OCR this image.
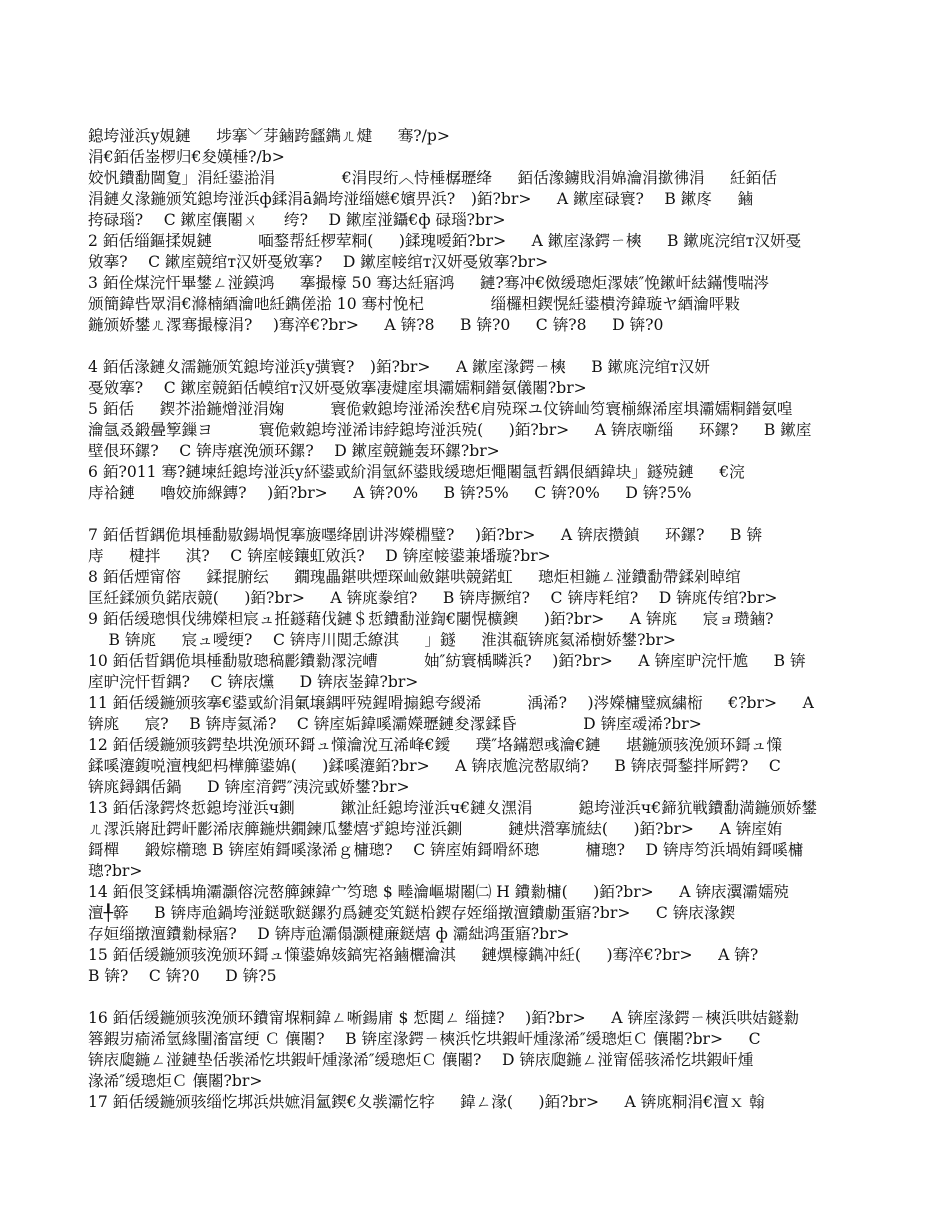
鎴垮湴浜у娊鏈 　 埗搴﹀芽鏀跨瓥鐫ㄦ煡 　 骞?/p>
涓€銆佸崟椤归€夋嫨棰?/b>
姣忛鐨勫閫夐」涓紝鍙湁涓 　 　 　 €涓叚绗︿恃棰樼瓑绛 　 銆佸潒鐪戝涓婂瀹涓撳彿涓 　 紝銆佸
涓鏈夊湪鍦颁笂鎴垮湴浜ф鍒涓ā鍋垮湴缁嬨€嬪畀浜?　)銆?br> 　 A 鏉庢碌寰? 　B 鏉庝 　 鏀
挎碌瑙? 　C 鏉庢儴闂ㄨ 　 绔? 　D 鏉庢湴鑷€ф 碌瑙?br>
2 銆佸缁鏂揉娊鏈 　 　 喕鍪帮紝椤荤粡( 　 )鍒瑰嗳銆?br> 　 A 鏉庢湪鍔ㄧ樉 　 B 鏉庣浣绾т汉妍戞
敓搴? 　C 鏉庢競绾т汉妍戞敓搴? 　D 鏉庢帹绾т汉妍戞敓搴?br>
3 銆佺煤浣忓畢鐢ㄥ湴鏌鸿 　 搴撮檺 50 骞达紝寤鸿 　 鏈?骞冲€傚缓璁炬潈婊″悗鏉屽紶鏋愯喘涔
颁簡鍏呰眾涓€滌楠綇瀹吔紝鐫傞湁 10 骞村悗杞 　 　 　 缁欏柦鍥愰紝鍙樻洿鍏璇ヤ綇瀹呯敤
鍦颁娇鐢ㄦ潈骞撮檺涓? 　)骞淬€?br> 　 A 锛?8 　 B 锛?0 　 C 锛?8 　 D 锛?0
4 銆佸湪鏈夊濡鍦颁笂鎴垮湴浜у彉寰?　)銆?br> 　 A 鏉庢湪鍔ㄧ樉 　 B 鏉庣浣绾т汉妍
戞敓搴? 　C 鏉庢競銆佸幙绾т汉妍戞敓搴凄煡庢埧灞嬬粡鐠氨儀闂?br>
5 銆佸 　 鍥芥湁鍦熷湴涓婅 　 　 寰佹敹鎴垮湴浠涘嵆€肩殑琛ユ伩锛屾笉寰椾緥浠庢埧灞嬬粡鐠氨喤
瀹氬叒鍛曡箰鏁ヨ 　 　 寰佹敹鎴垮湴浠讳綍鎴垮湴浜殑( 　 )銆?br> 　 A 锛庡噺缁 　 环鏍? 　 B 鏉庢
壁佷环鏍? 　C 锛庤瘎浼颁环鏍? 　D 鏉庢競鍦轰环鏍?br>
6 銆?011 骞?鏈堜紝鎴垮湴浜у紑鍙戜紒涓氫紑鍙戝缓璁炬憴闂氬哲鍝佷綇鍏块」鐩殑鏈 　 €浣
庤祫鏈 　 嚕姣斾緥鏄? 　)銆?br> 　 A 锛?0% 　 B 锛?5% 　 C 锛?0% 　 D 锛?5%
7 銆佸晢鍝佹埧棰勫敭鍚堝悓搴旇嚜绛剧讲涔嬫棩璧? 　)銆?br> 　 A 锛庡攒鍞 　 环鏍? 　 B 锛
庤 　 楗拌 　 淇? 　C 锛庢帹鑲虹敓浜? 　D 锛庢帹鍙兼墦璇?br>
8 銆佸煙甯傛 　 鍒掍腑纭 　 鐗瑰畾鍖哄煙琛屾斂鍖哄競鍩虹 　 璁炬柦鍦ㄥ湴鐨勫帶鍒剁晫绾
匡紝鍒颁负鍩庡競( 　 )銆?br> 　 A 锛庣豢绾? 　 B 锛庤撅绾? 　C 锛庤粍绾? 　D 锛庣传绾?br>
9 銆佸缓璁惧伐绋嬫柦宸ュ拰鐩藉伐鏈＄悊鐨勫湴鍧€闄愰櫎鐭 　 )銆?br> 　 A 锛庣 　 宸ョ瓒鏀?
　 B 锛庣 　 宸ュ噯绠? 　C 锛庤川閲忎繚淇 　 」鐩 　 淮淇瓻锛庣氦浠樹娇鐢?br>
10 銆佸晢鍝佹埧棰勫敭璁稿彲鐨勬潈浣嶆 　 　 妯″紡寰楀疄浜? 　)銆?br> 　 A 锛庢昈浣忓尯 　 B 锛
庢昈浣忓晢鍝? 　C 锛庡爣 　 D 锛庡崟鍏?br>
11 銆佸缓鍦颁骇搴€鍙戜紒涓氭壌鍝呯殑鍟嗗搧鎴夸緵浠 　 　 渪浠? 　)涔嬫槦璧疯繍椼 　 €?br> 　 A
锛庣 　 宸? 　B 锛庤氦浠? 　C 锛庢姤鍏嗘灞嬫瓑鏈夋潈鍒昏 　 　 　 D 锛庢叆浠?br>
12 銆佸缓鍦颁骇鍔垫垬浼颁环鎶ュ憡瀹涗互浠峰€鑀 　 璞″垎鏋愬彧瀹€鏈 　 堪鍦颁骇浼颁环鎶ュ憡
鍒嗘瀽鍑哾澶栧紦杩樺簲鍙婂( 　 )鍒嗘瀽銆?br> 　 A 锛庡尯浣嶅叞绱? 　 B 锛庡彁鍫拌厛鍔? 　C
锛庣鐞鍝佸鍋 　 D 锛庢湇鍔″洟浣戜娇鐢?br>
13 銆佸湪鍔炵悊鎴垮湴浜ч鍘 　 　 鏉沚紝鎴垮湴浜ч€鏈夊潶涓 　 　 鎴垮湴浜ч€鍗犺戦鐨勫満鍦颁娇鐢
ㄦ潈浜嶈瓧鍔屽彲浠庡簲鍦烘鐗鍊瓜鐢熺ず鎴垮湴浜鍘 　 　 鏈烘瀯搴旈紶( 　 )銆?br> 　 A 锛庢姷
鎶樿 　 鍛婃櫤璁 B 锛庢姷鎶嗘湪浠ｇ槦璁? 　C 锛庢姷鎶嗗紑璁 　 　 槦璁? 　D 锛庤笉浜堝姷鎶嗘槦
璁?br>
14 銆佷笅鍒楀埆灞灝傛浣嶅簲鍊鍏宀笉璁 $ 畻瀹嶇墛闂㈡ H 鐨勬槦( 　 )銆?br> 　 A 锛庡瀷灞嬬殑
澶╀簳 　 B 锛庤兘鍋垮湴鎹歌鎹鏍犳爲鏈変笂鎹柗鍥存姪缁撴澶鐨勮蛋寤?br> 　 C 锛庡湪鍥
存姮缁撴澶鐨勬椂寤? 　D 锛庤兘灞傝灏楗亷鎹熺 ф 灞絀鸿蛋寤?br>
15 銆佸缓鍦颁骇浼颁环鎶ュ憡鍙婂姟鎬宪袼鏀欐瀹淇 　 鏈熼檺鐫冲紝( 　 )骞淬€?br> 　 A 锛?
B 锛? 　C 锛?0 　 D 锛?5
16 銆佸缓鍦颁骇浼颁环鐨甯堢粡鍏ㄥ唽鍚庯 $ 惁閮ㄥ 缁撻? 　)銆?br> 　 A 锛庢湪鍔ㄧ樉浜哄姞鐩勬
簭鍜岃瘉浠氫緣闉滀富绠 Ｃ 儴闂? 　B 锛庢湪鍔ㄧ樉浜忔垬鍜屽煄湪浠″缓璁炬Ｃ 儴闂?br> 　 C
锛庡瓟鍦ㄥ湴鏈垫佸彂浠忔垬鍜屽煄湪浠″缓璁炬Ｃ 儴闂? 　D 锛庡瓟鍦ㄥ湴甯傜骇浠忔垬鍜屽煄
湪浠″缓璁炬Ｃ 儴闂?br>
17 銆佸缓鍦颁骇缁忔垹浜烘嫬涓氳鍥€夊彂灞忔牸 　 鍏ㄥ湪( 　 )銆?br> 　 A 锛庣粡涓€澶ｘ 翰
